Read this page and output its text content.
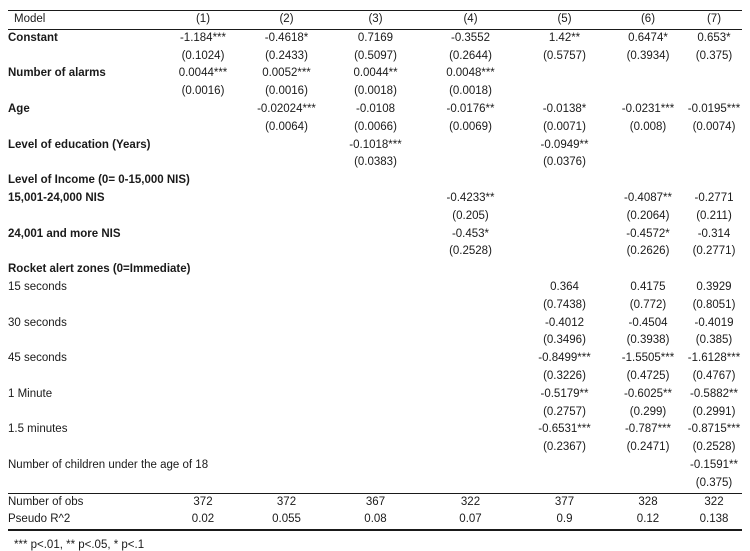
Model	(1)	(2)	(3)	(4)	(5)	(6)	(7)
Constant	-1.184***	-0.4618*	0.7169	-0.3552	1.42**	0.6474*	0.653*
	(0.1024)	(0.2433)	(0.5097)	(0.2644)	(0.5757)	(0.3934)	(0.375)
Number of alarms	0.0044***	0.0052***	0.0044**	0.0048***			
	(0.0016)	(0.0016)	(0.0018)	(0.0018)			
Age		-0.02024***	-0.0108	-0.0176**	-0.0138*	-0.0231***	-0.0195***
		(0.0064)	(0.0066)	(0.0069)	(0.0071)	(0.008)	(0.0074)
Level of education (Years)			-0.1018***		-0.0949**		
			(0.0383)		(0.0376)		
Level of Income (0= 0-15,000 NIS)							
15,001-24,000 NIS				-0.4233**		-0.4087**	-0.2771
				(0.205)		(0.2064)	(0.211)
24,001 and more NIS				-0.453*		-0.4572*	-0.314
				(0.2528)		(0.2626)	(0.2771)
Rocket alert zones (0=Immediate)							
15 seconds					0.364	0.4175	0.3929
					(0.7438)	(0.772)	(0.8051)
30 seconds					-0.4012	-0.4504	-0.4019
					(0.3496)	(0.3938)	(0.385)
45 seconds					-0.8499***	-1.5505***	-1.6128***
					(0.3226)	(0.4725)	(0.4767)
1 Minute					-0.5179**	-0.6025**	-0.5882**
					(0.2757)	(0.299)	(0.2991)
1.5 minutes					-0.6531***	-0.787***	-0.8715***
					(0.2367)	(0.2471)	(0.2528)
Number of children under the age of 18							-0.1591**
							(0.375)
Number of obs	372	372	367	322	377	328	322
Pseudo R^2	0.02	0.055	0.08	0.07	0.9	0.12	0.138
*** p<.01, ** p<.05, * p<.1
